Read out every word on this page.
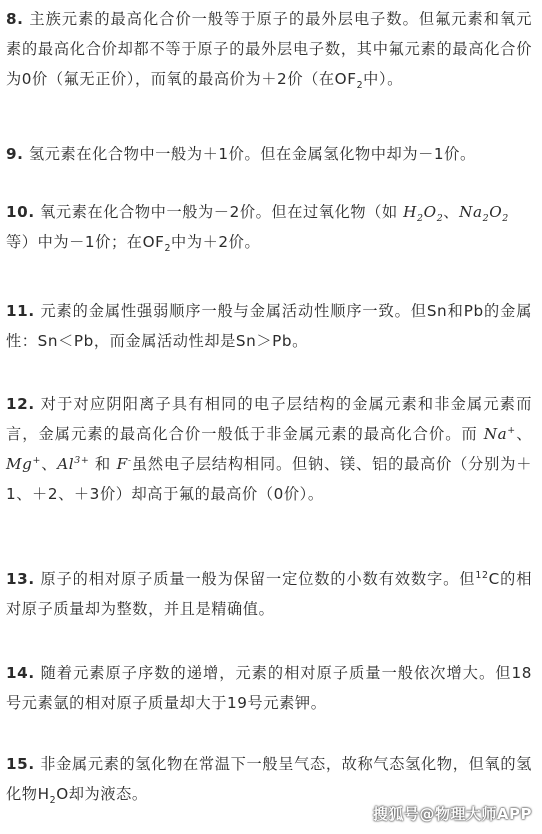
8. 主族元素的最高化合价一般等于原子的最外层电子数。但氟元素和氧元素的最高化合价却都不等于原子的最外层电子数，其中氟元素的最高化合价为0价（氟无正价），而氧的最高价为＋2价（在$OF_2$中）。

9. 氢元素在化合物中一般为＋1价。但在金属氢化物中却为－1价。

10. 氧元素在化合物中一般为－2价。但在过氧化物（如 $H_2O_2$、$Na_2O_2$等）中为－1价；在$OF_2$中为＋2价。

11. 元素的金属性强弱顺序一般与金属活动性顺序一致。但Sn和Pb的金属性：Sn＜Pb，而金属活动性却是Sn＞Pb。

12. 对于对应阴阳离子具有相同的电子层结构的金属元素和非金属元素而言，金属元素的最高化合价一般低于非金属元素的最高化合价。而 Na+、Mg+、$Al^{3+}$ 和 F-虽然电子层结构相同。但钠、镁、铝的最高价（分别为＋1、＋2、＋3价）却高于氟的最高价（0价）。

13. 原子的相对原子质量一般为保留一定位数的小数有效数字。但$^{12}$C的相对原子质量却为整数，并且是精确值。

14. 随着元素原子序数的递增，元素的相对原子质量一般依次增大。但18号元素氩的相对原子质量却大于19号元素钾。

15. 非金属元素的氢化物在常温下一般呈气态，故称气态氢化物，但氧的氢化物$H_2O$却为液态。

搜狐号@物理大师APP
